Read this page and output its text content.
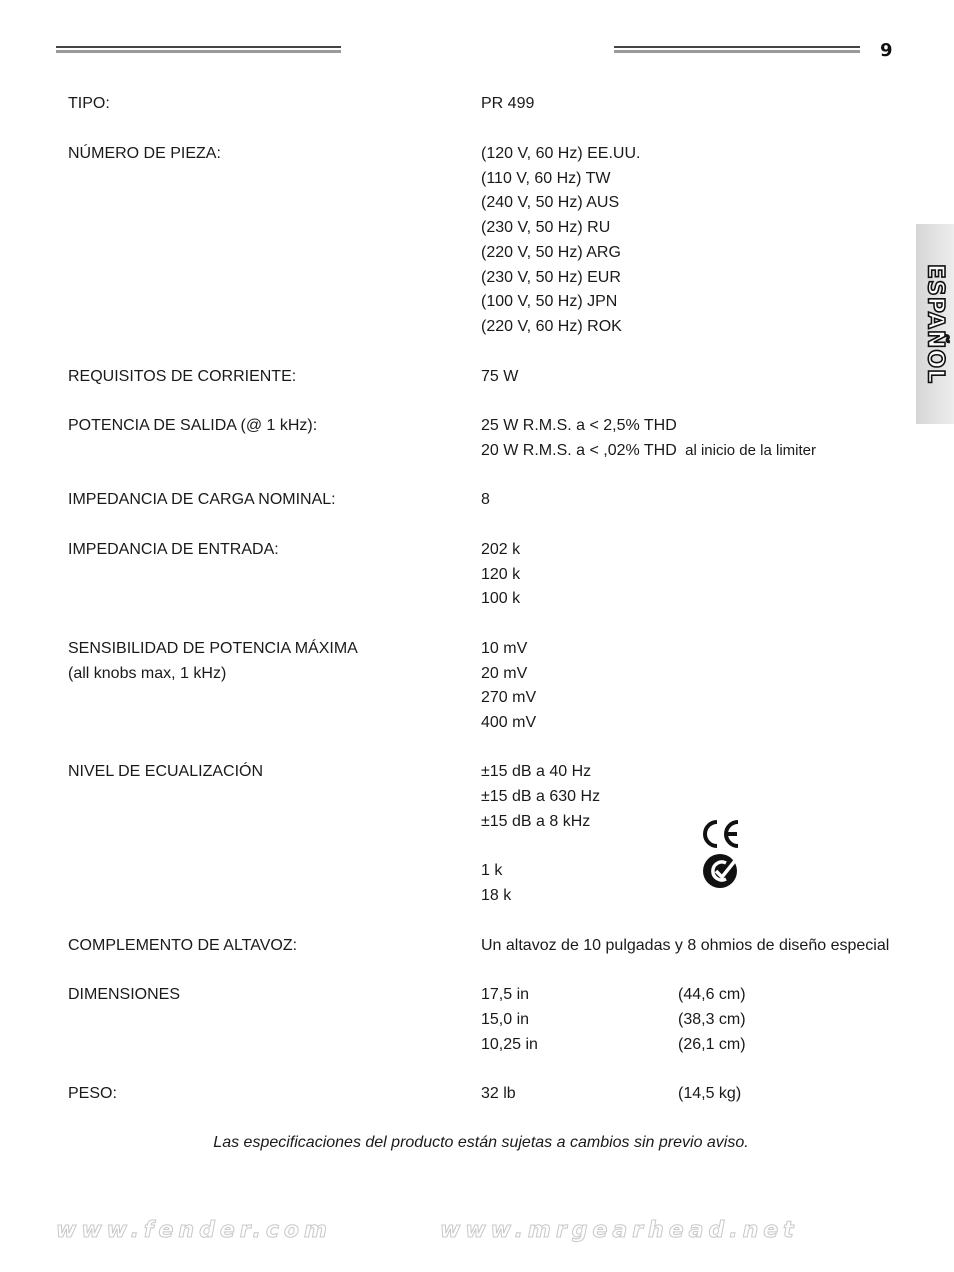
9
ESPAÑOL
TIPO:	PR 499
NÚMERO DE PIEZA:	(120 V, 60 Hz) EE.UU.
(110 V, 60 Hz) TW
(240 V, 50 Hz) AUS
(230 V, 50 Hz) RU
(220 V, 50 Hz) ARG
(230 V, 50 Hz) EUR
(100 V, 50 Hz) JPN
(220 V, 60 Hz) ROK
REQUISITOS DE CORRIENTE:	75 W
POTENCIA DE SALIDA (@ 1 kHz):	25 W R.M.S. a < 2,5% THD
20 W R.M.S. a < ,02% THD  al inicio de la limiter
IMPEDANCIA DE CARGA NOMINAL:	8
IMPEDANCIA DE ENTRADA:	202 k
120 k
100 k
SENSIBILIDAD DE POTENCIA MÁXIMA	10 mV
(all knobs max, 1 kHz)	20 mV
270 mV
400 mV
NIVEL DE ECUALIZACIÓN	±15 dB a 40 Hz
±15 dB a 630 Hz
±15 dB a 8 kHz
1 k
18 k
COMPLEMENTO DE ALTAVOZ:	Un altavoz de 10 pulgadas y 8 ohmios de diseño especial
DIMENSIONES	17,5 in	(44,6 cm)
15,0 in	(38,3 cm)
10,25 in	(26,1 cm)
PESO:	32 lb	(14,5 kg)
Las especificaciones del producto están sujetas a cambios sin previo aviso.
www.fender.com	www.mrgearhead.net
